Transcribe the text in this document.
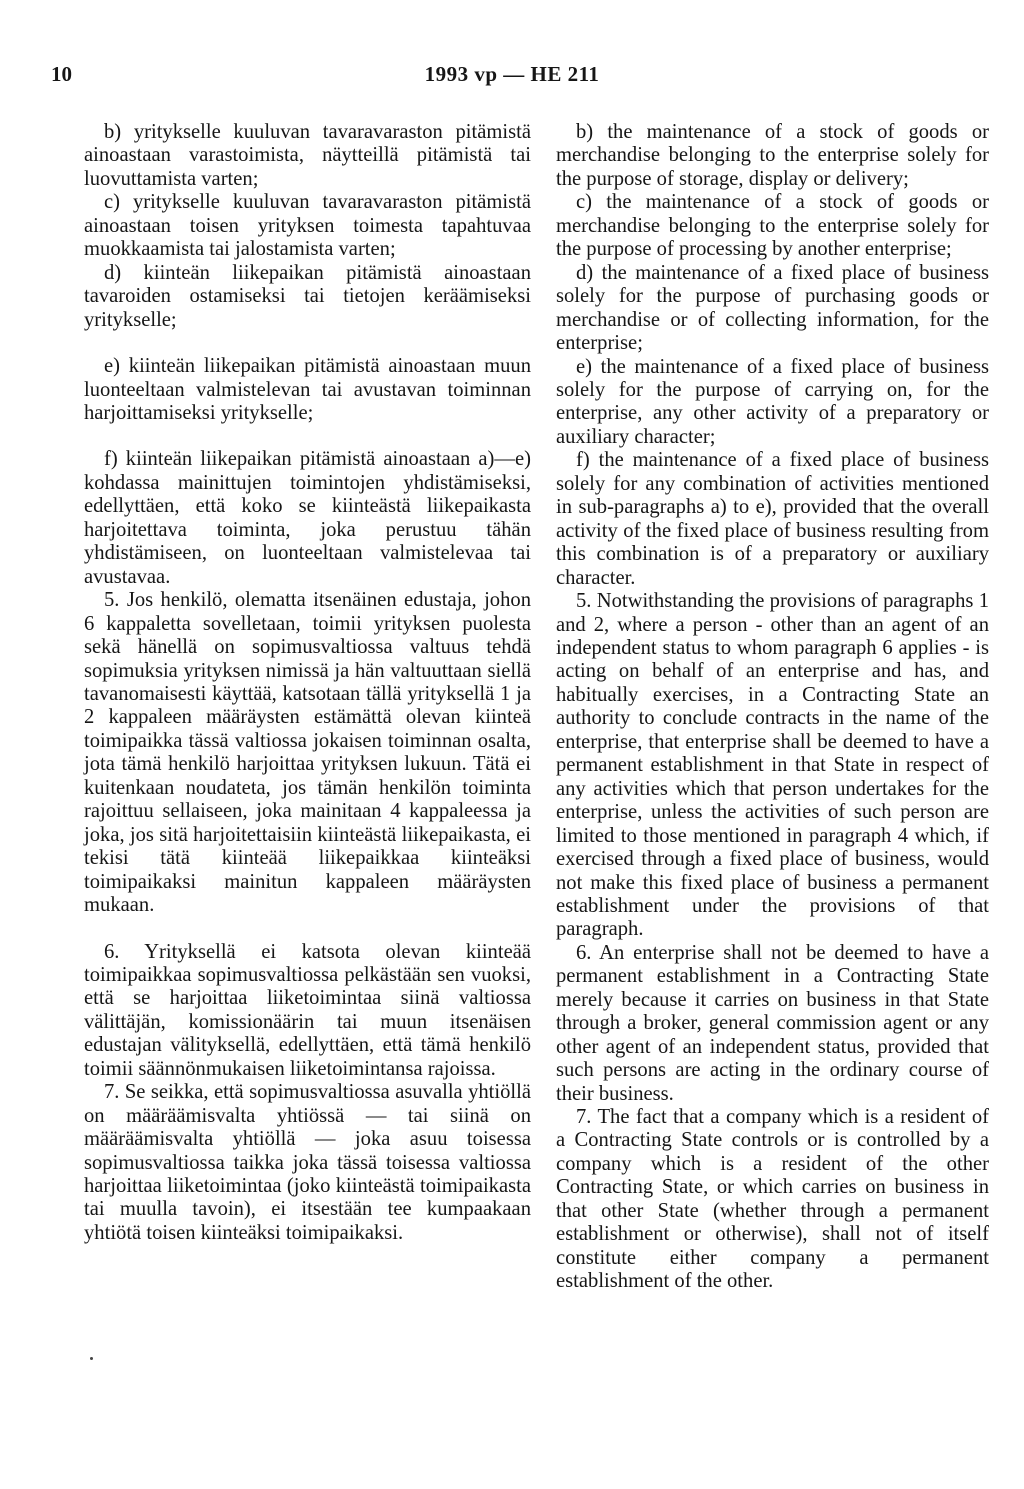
10	1993 vp — HE 211

b) yritykselle kuuluvan tavaravaraston pitämistä ainoastaan varastoimista, näytteillä pitämistä tai luovuttamista varten;

c) yritykselle kuuluvan tavaravaraston pitämistä ainoastaan toisen yrityksen toimesta tapahtuvaa muokkaamista tai jalostamista varten;

d) kiinteän liikepaikan pitämistä ainoastaan tavaroiden ostamiseksi tai tietojen keräämiseksi yritykselle;

e) kiinteän liikepaikan pitämistä ainoastaan muun luonteeltaan valmistelevan tai avustavan toiminnan harjoittamiseksi yritykselle;

f) kiinteän liikepaikan pitämistä ainoastaan a)—e) kohdassa mainittujen toimintojen yhdistämiseksi, edellyttäen, että koko se kiinteästä liikepaikasta harjoitettava toiminta, joka perustuu tähän yhdistämiseen, on luonteeltaan valmistelevaa tai avustavaa.

5. Jos henkilö, olematta itsenäinen edustaja, johon 6 kappaletta sovelletaan, toimii yrityksen puolesta sekä hänellä on sopimusvaltiossa valtuus tehdä sopimuksia yrityksen nimissä ja hän valtuuttaan siellä tavanomaisesti käyttää, katsotaan tällä yrityksellä 1 ja 2 kappaleen määräysten estämättä olevan kiinteä toimipaikka tässä valtiossa jokaisen toiminnan osalta, jota tämä henkilö harjoittaa yrityksen lukuun. Tätä ei kuitenkaan noudateta, jos tämän henkilön toiminta rajoittuu sellaiseen, joka mainitaan 4 kappaleessa ja joka, jos sitä harjoitettaisiin kiinteästä liikepaikasta, ei tekisi tätä kiinteää liikepaikkaa kiinteäksi toimipaikaksi mainitun kappaleen määräysten mukaan.

6. Yrityksellä ei katsota olevan kiinteää toimipaikkaa sopimusvaltiossa pelkästään sen vuoksi, että se harjoittaa liiketoimintaa siinä valtiossa välittäjän, komissionäärin tai muun itsenäisen edustajan välityksellä, edellyttäen, että tämä henkilö toimii säännönmukaisen liiketoimintansa rajoissa.

7. Se seikka, että sopimusvaltiossa asuvalla yhtiöllä on määräämisvalta yhtiössä — tai siinä on määräämisvalta yhtiöllä — joka asuu toisessa sopimusvaltiossa taikka joka tässä toisessa valtiossa harjoittaa liiketoimintaa (joko kiinteästä toimipaikasta tai muulla tavoin), ei itsestään tee kumpaakaan yhtiötä toisen kiinteäksi toimipaikaksi.

b) the maintenance of a stock of goods or merchandise belonging to the enterprise solely for the purpose of storage, display or delivery;

c) the maintenance of a stock of goods or merchandise belonging to the enterprise solely for the purpose of processing by another enterprise;

d) the maintenance of a fixed place of business solely for the purpose of purchasing goods or merchandise or of collecting information, for the enterprise;

e) the maintenance of a fixed place of business solely for the purpose of carrying on, for the enterprise, any other activity of a preparatory or auxiliary character;

f) the maintenance of a fixed place of business solely for any combination of activities mentioned in sub-paragraphs a) to e), provided that the overall activity of the fixed place of business resulting from this combination is of a preparatory or auxiliary character.

5. Notwithstanding the provisions of paragraphs 1 and 2, where a person - other than an agent of an independent status to whom paragraph 6 applies - is acting on behalf of an enterprise and has, and habitually exercises, in a Contracting State an authority to conclude contracts in the name of the enterprise, that enterprise shall be deemed to have a permanent establishment in that State in respect of any activities which that person undertakes for the enterprise, unless the activities of such person are limited to those mentioned in paragraph 4 which, if exercised through a fixed place of business, would not make this fixed place of business a permanent establishment under the provisions of that paragraph.

6. An enterprise shall not be deemed to have a permanent establishment in a Contracting State merely because it carries on business in that State through a broker, general commission agent or any other agent of an independent status, provided that such persons are acting in the ordinary course of their business.

7. The fact that a company which is a resident of a Contracting State controls or is controlled by a company which is a resident of the other Contracting State, or which carries on business in that other State (whether through a permanent establishment or otherwise), shall not of itself constitute either company a permanent establishment of the other.
